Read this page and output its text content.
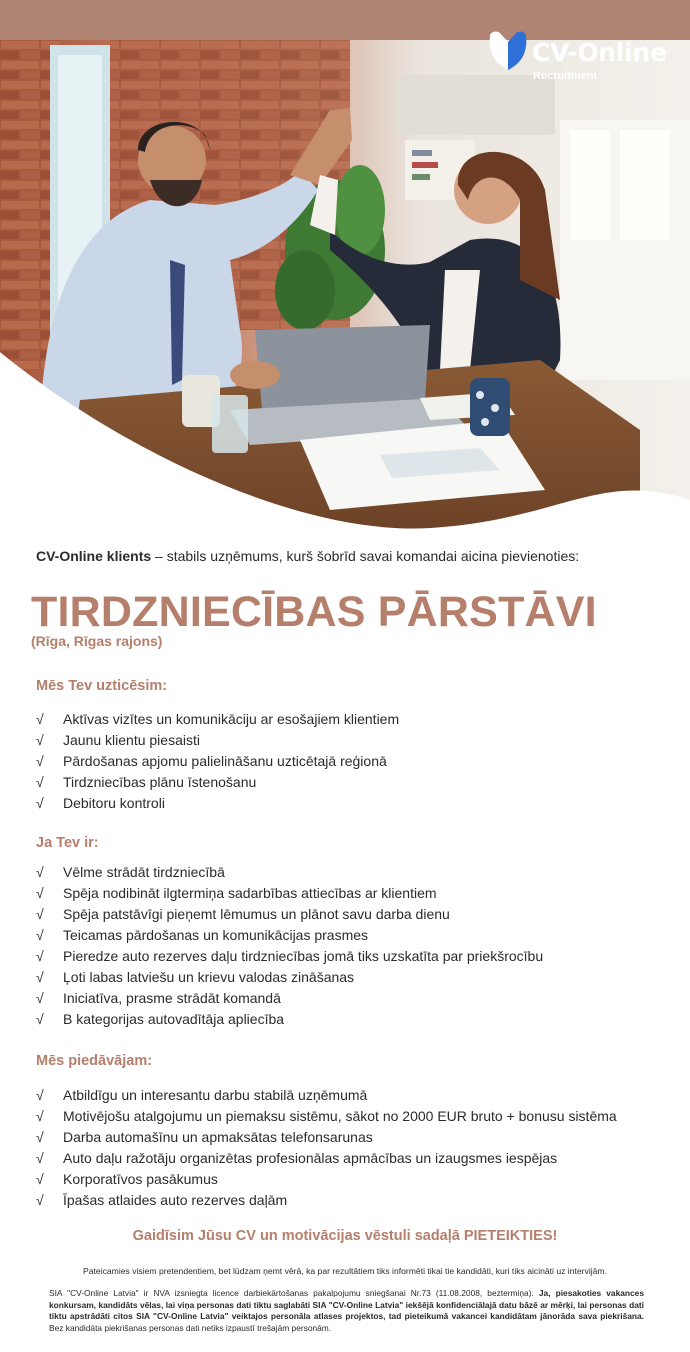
CV-Online
Recruitment

CV-Online klients – stabils uzņēmums, kurš šobrīd savai komandai aicina pievienoties:

TIRDZNIECĪBAS PĀRSTĀVI

(Rīga, Rīgas rajons)

Mēs Tev uzticēsim:
√	Aktīvas vizītes un komunikāciju ar esošajiem klientiem
√	Jaunu klientu piesaisti
√	Pārdošanas apjomu palielināšanu uzticētajā reģionā
√	Tirdzniecības plānu īstenošanu
√	Debitoru kontroli
Ja Tev ir:
√	Vēlme strādāt tirdzniecībā
√	Spēja nodibināt ilgtermiņa sadarbības attiecības ar klientiem
√	Spēja patstāvīgi pieņemt lēmumus un plānot savu darba dienu
√	Teicamas pārdošanas un komunikācijas prasmes
√	Pieredze auto rezerves daļu tirdzniecības jomā tiks uzskatīta par priekšrocību
√	Ļoti labas latviešu un krievu valodas zināšanas
√	Iniciatīva, prasme strādāt komandā
√	B kategorijas autovadītāja apliecība
Mēs piedāvājam:
√	Atbildīgu un interesantu darbu stabilā uzņēmumā
√	Motivējošu atalgojumu un piemaksu sistēmu, sākot no 2000 EUR bruto + bonusu sistēma
√	Darba automašīnu un apmaksātas telefonsarunas
√	Auto daļu ražotāju organizētas profesionālas apmācības un izaugsmes iespējas
√	Korporatīvos pasākumus
√	Īpašas atlaides auto rezerves daļām

Gaidīsim Jūsu CV un motivācijas vēstuli sadaļā PIETEIKTIES!

Pateicamies visiem pretendentiem, bet lūdzam ņemt vērā, ka par rezultātiem tiks informēti tikai tie kandidāti, kuri tiks aicināti uz intervijām.

SIA "CV-Online Latvia" ir NVA izsniegta licence darbiekārtošanas pakalpojumu sniegšanai Nr.73 (11.08.2008, beztermiņa). Ja, piesakoties vakances konkursam, kandidāts vēlas, lai viņa personas dati tiktu saglabāti SIA "CV-Online Latvia" iekšējā konfidenciālajā datu bāzē ar mērķi, lai personas dati tiktu apstrādāti citos SIA "CV-Online Latvia" veiktajos personāla atlases projektos, tad pieteikumā vakancei kandidātam jānorāda sava piekrišana. Bez kandidāta piekrišanas personas dati netiks izpaustī trešajām personām.
